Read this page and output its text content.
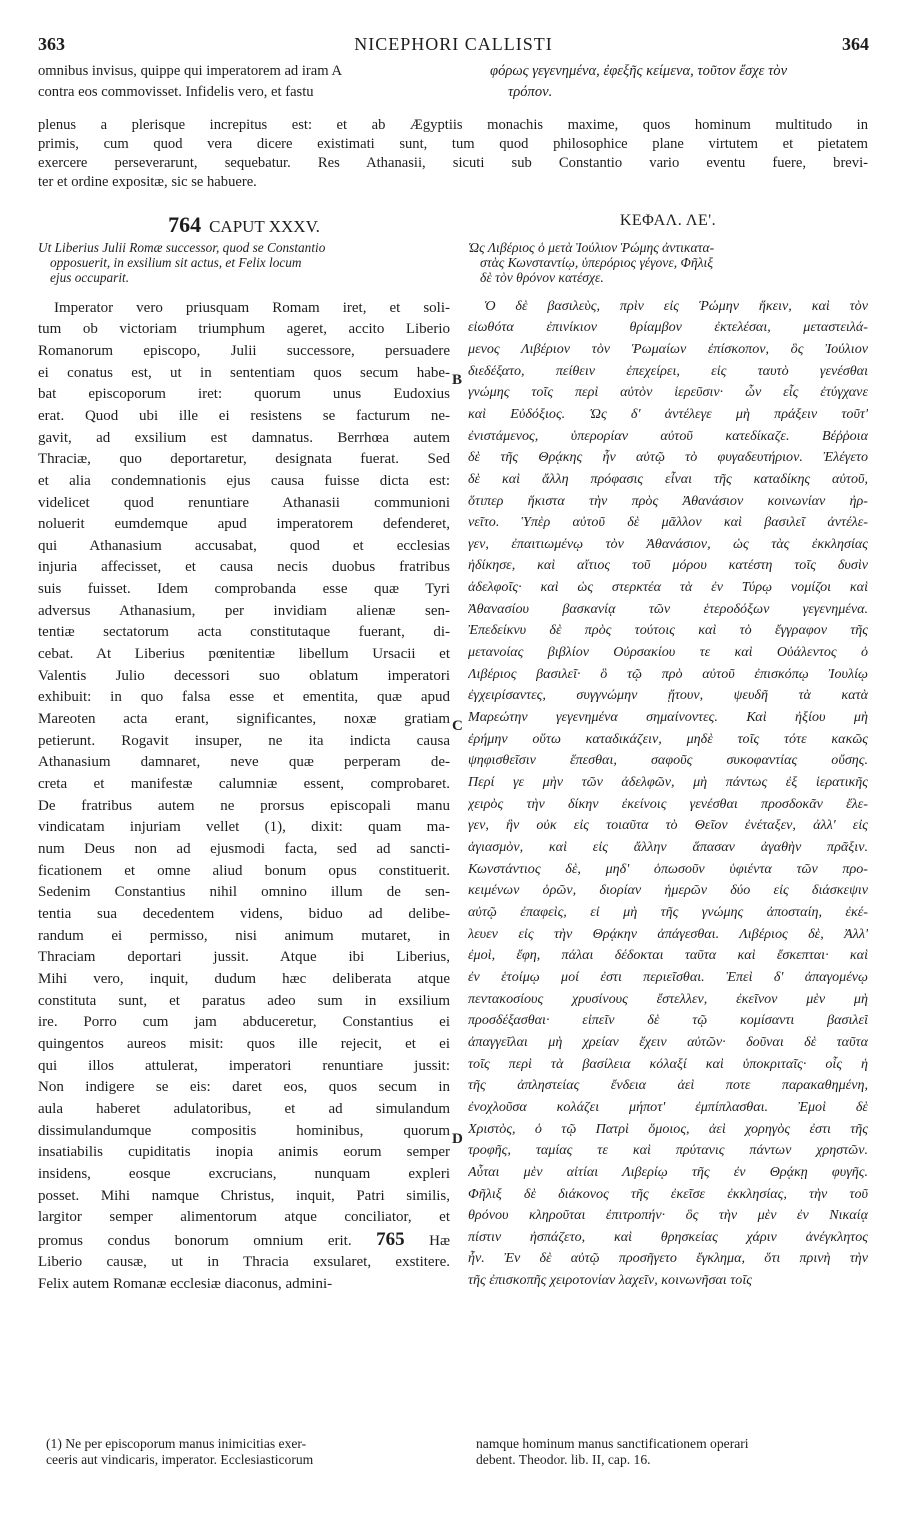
363	NICEPHORI CALLISTI	364
omnibus invisus, quippe qui imperatorem ad iram A	φόρως γεγενημένα, ἐφεξῆς κείμενα, τοῦτον ἔσχε τὸν
contra eos commovisset. Infidelis vero, et fastu	τρόπον.
plenus a plerisque increpitus est: et ab Ægyptiis monachis maxime, quos hominum multitudo in
primis, cum quod vera dicere existimati sunt, tum quod philosophice plane virtutem et pietatem
exercere perseverarunt, sequebatur. Res Athanasii, sicuti sub Constantio vario eventu fuere, brevi-
ter et ordine expositæ, sic se habuere.
764 CAPUT XXXV.
Ut Liberius Julii Romæ successor, quod se Constantio
opposuerit, in exsilium sit actus, et Felix locum
ejus occuparit.
Imperator vero priusquam Romam iret, et soli-
tum ob victoriam triumphum ageret, accito Liberio
Romanorum episcopo, Julii successore, persuadere
ei conatus est, ut in sententiam quos secum habe-
bat episcoporum iret: quorum unus Eudoxius
erat. Quod ubi ille ei resistens se facturum ne-
gavit, ad exsilium est damnatus. Berrhœa autem
Thraciæ, quo deportaretur, designata fuerat. Sed
et alia condemnationis ejus causa fuisse dicta est:
videlicet quod renuntiare Athanasii communioni
noluerit eumdemque apud imperatorem defenderet,
qui Athanasium accusabat, quod et ecclesias
injuria affecisset, et causa necis duobus fratribus
suis fuisset. Idem comprobanda esse quæ Tyri
adversus Athanasium, per invidiam alienæ sen-
tentiæ sectatorum acta constitutaque fuerant, di-
cebat. At Liberius pœnitentiæ libellum Ursacii et
Valentis Julio decessori suo oblatum imperatori
exhibuit: in quo falsa esse et ementita, quæ apud
Mareoten acta erant, significantes, noxæ gratiam
petierunt. Rogavit insuper, ne ita indicta causa
Athanasium damnaret, neve quæ perperam de-
creta et manifestæ calumniæ essent, comprobaret.
De fratribus autem ne prorsus episcopali manu
vindicatam injuriam vellet (1), dixit: quam ma-
num Deus non ad ejusmodi facta, sed ad sancti-
ficationem et omne aliud bonum opus constituerit.
Sedenim Constantius nihil omnino illum de sen-
tentia sua decedentem videns, biduo ad delibe-
randum ei permisso, nisi animum mutaret, in
Thraciam deportari jussit. Atque ibi Liberius,
Mihi vero, inquit, dudum hæc deliberata atque
constituta sunt, et paratus adeo sum in exsilium
ire. Porro cum jam abduceretur, Constantius ei
quingentos aureos misit: quos ille rejecit, et ei
qui illos attulerat, imperatori renuntiare jussit:
Non indigere se eis: daret eos, quos secum in
aula haberet adulatoribus, et ad simulandum
dissimulandumque compositis hominibus, quorum
insatiabilis cupiditatis inopia animis eorum semper
insidens, eosque excrucians, nunquam expleri
posset. Mihi namque Christus, inquit, Patri similis,
largitor semper alimentorum atque conciliator, et
promus condus bonorum omnium erit. 765 Hæ
Liberio causæ, ut in Thracia exsularet, exstitere.
Felix autem Romanæ ecclesiæ diaconus, admini-
ΚΕΦΑΛ. ΛΕ'.
Ὡς Λιβέριος ὁ μετὰ Ἰούλιον Ῥώμης ἀντικατα-
στὰς Κωνσταντίῳ, ὑπερόριος γέγονε, Φῆλιξ
δὲ τὸν θρόνον κατέσχε.
Ὁ δὲ βασιλεὺς, πρὶν εἰς Ῥώμην ἥκειν, καὶ τὸν
εἰωθότα ἐπινίκιον θρίαμβον ἐκτελέσαι, μεταστειλά-
μενος Λιβέριον τὸν Ῥωμαίων ἐπίσκοπον, ὃς Ἰούλιον
διεδέξατο, πείθειν ἐπεχείρει, εἰς ταυτὸ γενέσθαι
γνώμης τοῖς περὶ αὐτὸν ἱερεῦσιν· ὧν εἷς ἐτύγχανε
καὶ Εὐδόξιος. Ὡς δ' ἀντέλεγε μὴ πράξειν τοῦτ'
ἐνιστάμενος, ὑπερορίαν αὐτοῦ κατεδίκαζε. Βέῤῥοια
δὲ τῆς Θρᾴκης ἦν αὐτῷ τὸ φυγαδευτήριον. Ἐλέγετο
δὲ καὶ ἄλλη πρόφασις εἶναι τῆς καταδίκης αὐτοῦ,
ὅτιπερ ἥκιστα τὴν πρὸς Ἀθανάσιον κοινωνίαν ἠρ-
νεῖτο. Ὑπὲρ αὐτοῦ δὲ μᾶλλον καὶ βασιλεῖ ἀντέλε-
γεν, ἐπαιτιωμένῳ τὸν Ἀθανάσιον, ὡς τὰς ἐκκλησίας
ἠδίκησε, καὶ αἴτιος τοῦ μόρου κατέστη τοῖς δυσὶν
ἀδελφοῖς· καὶ ὡς στερκτέα τὰ ἐν Τύρῳ νομίζοι καὶ
Ἀθανασίου βασκανίᾳ τῶν ἑτεροδόξων γεγενημένα.
Ἐπεδείκνυ δὲ πρὸς τούτοις καὶ τὸ ἔγγραφον τῆς
μετανοίας βιβλίον Οὐρσακίου τε καὶ Οὐάλεντος ὁ
Λιβέριος βασιλεῖ· ὃ τῷ πρὸ αὐτοῦ ἐπισκόπῳ Ἰουλίῳ
ἐγχειρίσαντες, συγγνώμην ᾔτουν, ψευδῆ τὰ κατὰ
Μαρεώτην γεγενημένα σημαίνοντες. Καὶ ἠξίου μὴ
ἐρήμην οὕτω καταδικάζειν, μηδὲ τοῖς τότε κακῶς
ψηφισθεῖσιν ἕπεσθαι, σαφοῦς συκοφαντίας οὔσης.
Περί γε μὴν τῶν ἀδελφῶν, μὴ πάντως ἐξ ἱερατικῆς
χειρὸς τὴν δίκην ἐκείνοις γενέσθαι προσδοκᾶν ἔλε-
γεν, ἣν οὐκ εἰς τοιαῦτα τὸ Θεῖον ἐνέταξεν, ἀλλ' εἰς
ἁγιασμὸν, καὶ εἰς ἄλλην ἅπασαν ἀγαθὴν πρᾶξιν.
Κωνστάντιος δὲ, μηδ' ὁπωσοῦν ὑφιέντα τῶν προ-
κειμένων ὁρῶν, διορίαν ἡμερῶν δύο εἰς διάσκεψιν
αὐτῷ ἐπαφεὶς, εἰ μὴ τῆς γνώμης ἀποσταίη, ἐκέ-
λευεν εἰς τὴν Θρᾴκην ἀπάγεσθαι. Λιβέριος δὲ, Ἀλλ'
ἐμοὶ, ἔφη, πάλαι δέδοκται ταῦτα καὶ ἔσκεπται· καὶ
ἐν ἑτοίμῳ μοί ἐστι περιεῖσθαι. Ἐπεὶ δ' ἀπαγομένῳ
πεντακοσίους χρυσίνους ἔστελλεν, ἐκεῖνον μὲν μὴ
προσδέξασθαι· εἰπεῖν δὲ τῷ κομίσαντι βασιλεῖ
ἀπαγγεῖλαι μὴ χρείαν ἔχειν αὐτῶν· δοῦναι δὲ ταῦτα
τοῖς περὶ τὰ βασίλεια κόλαξί καὶ ὑποκριταῖς· οἷς ἡ
τῆς ἀπληστείας ἔνδεια ἀεὶ ποτε παρακαθημένη,
ἐνοχλοῦσα κολάζει μήποτ' ἐμπίπλασθαι. Ἐμοὶ δὲ
Χριστὸς, ὁ τῷ Πατρὶ ὅμοιος, ἀεὶ χορηγὸς ἐστι τῆς
τροφῆς, ταμίας τε καὶ πρύτανις πάντων χρηστῶν.
Αὗται μὲν αἰτίαι Λιβερίῳ τῆς ἐν Θρᾴκῃ φυγῆς.
Φῆλιξ δὲ διάκονος τῆς ἐκεῖσε ἐκκλησίας, τὴν τοῦ
θρόνου κληροῦται ἐπιτροπήν· ὃς τὴν μὲν ἐν Νικαίᾳ
πίστιν ἠσπάζετο, καὶ θρησκείας χάριν ἀνέγκλητος
ἦν. Ἐν δὲ αὐτῷ προσῆγετο ἔγκλημα, ὅτι πρινὴ τὴν
τῆς ἐπισκοπῆς χειροτονίαν λαχεῖν, κοινωνῆσαι τοῖς
B
C
D
(1) Ne per episcoporum manus inimicitias exer-
ceeris aut vindicaris, imperator. Ecclesiasticorum
namque hominum manus sanctificationem operari
debent. Theodor. lib. II, cap. 16.
